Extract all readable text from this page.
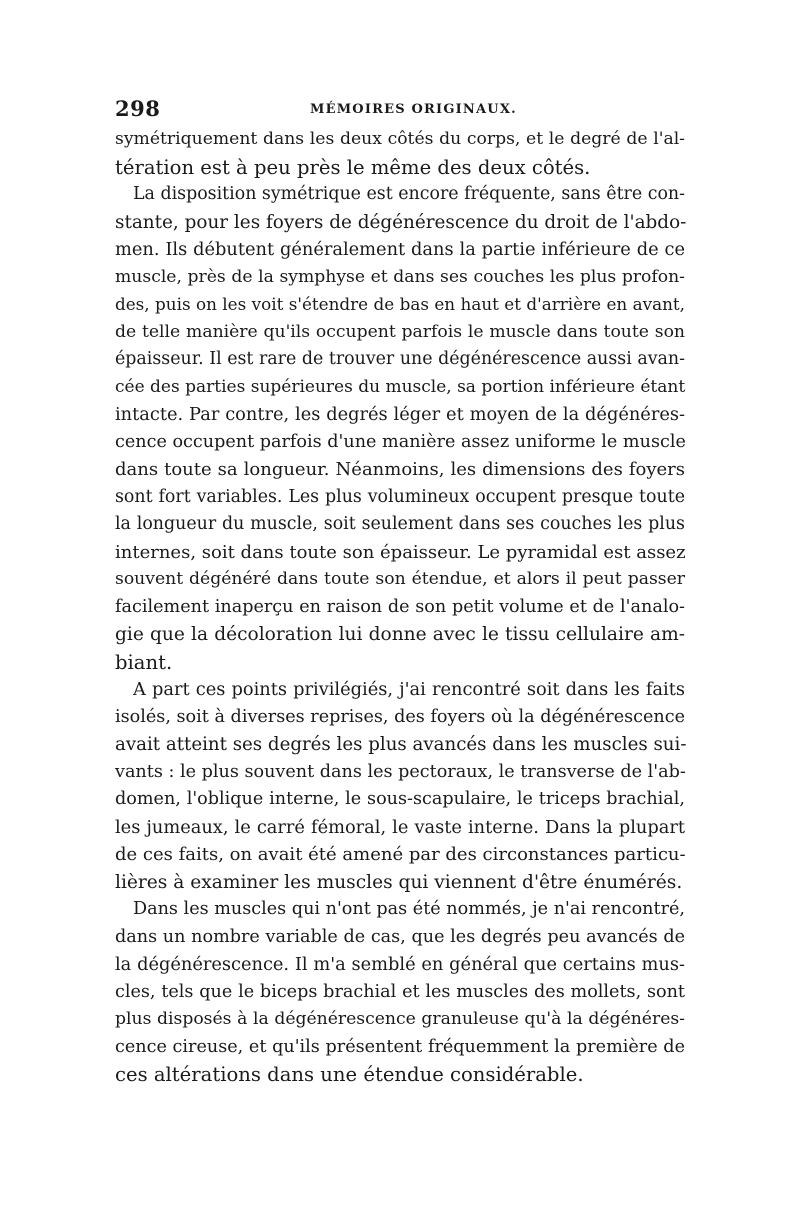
298	MÉMOIRES ORIGINAUX.

symétriquement dans les deux côtés du corps, et le degré de l'al-
tération est à peu près le même des deux côtés.

La disposition symétrique est encore fréquente, sans être con-
stante, pour les foyers de dégénérescence du droit de l'abdo-
men. Ils débutent généralement dans la partie inférieure de ce
muscle, près de la symphyse et dans ses couches les plus profon-
des, puis on les voit s'étendre de bas en haut et d'arrière en avant,
de telle manière qu'ils occupent parfois le muscle dans toute son
épaisseur. Il est rare de trouver une dégénérescence aussi avan-
cée des parties supérieures du muscle, sa portion inférieure étant
intacte. Par contre, les degrés léger et moyen de la dégénéres-
cence occupent parfois d'une manière assez uniforme le muscle
dans toute sa longueur. Néanmoins, les dimensions des foyers
sont fort variables. Les plus volumineux occupent presque toute
la longueur du muscle, soit seulement dans ses couches les plus
internes, soit dans toute son épaisseur. Le pyramidal est assez
souvent dégénéré dans toute son étendue, et alors il peut passer
facilement inaperçu en raison de son petit volume et de l'analo-
gie que la décoloration lui donne avec le tissu cellulaire am-
biant.

A part ces points privilégiés, j'ai rencontré soit dans les faits
isolés, soit à diverses reprises, des foyers où la dégénérescence
avait atteint ses degrés les plus avancés dans les muscles sui-
vants : le plus souvent dans les pectoraux, le transverse de l'ab-
domen, l'oblique interne, le sous-scapulaire, le triceps brachial,
les jumeaux, le carré fémoral, le vaste interne. Dans la plupart
de ces faits, on avait été amené par des circonstances particu-
lières à examiner les muscles qui viennent d'être énumérés.

Dans les muscles qui n'ont pas été nommés, je n'ai rencontré,
dans un nombre variable de cas, que les degrés peu avancés de
la dégénérescence. Il m'a semblé en général que certains mus-
cles, tels que le biceps brachial et les muscles des mollets, sont
plus disposés à la dégénérescence granuleuse qu'à la dégénéres-
cence cireuse, et qu'ils présentent fréquemment la première de
ces altérations dans une étendue considérable.
